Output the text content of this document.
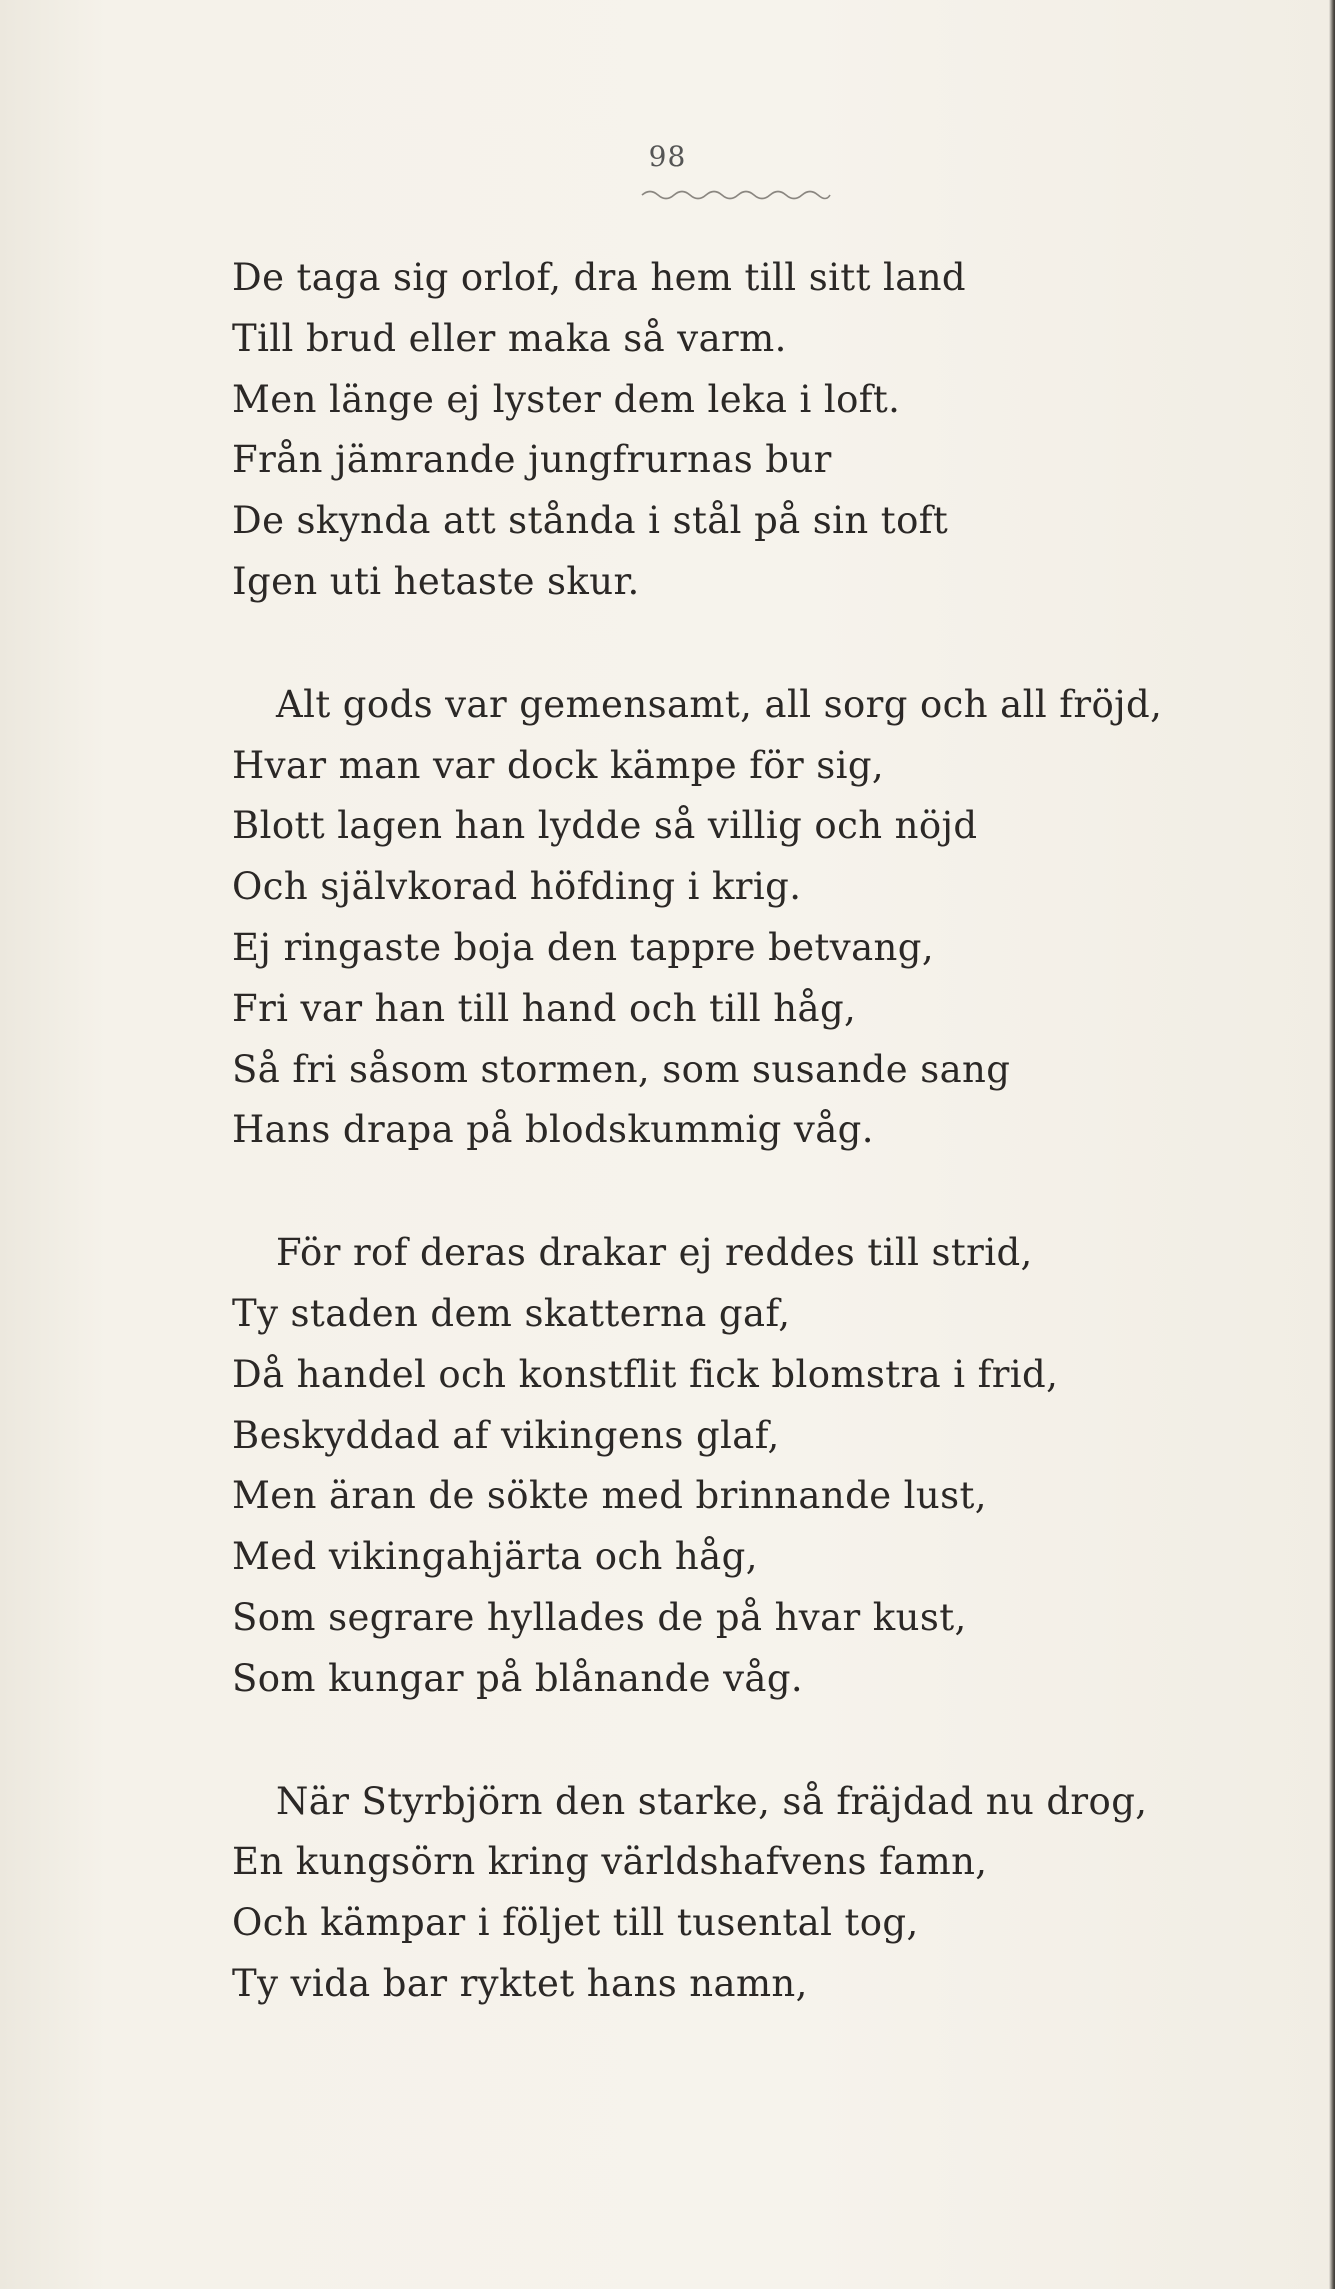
98
De taga sig orlof, dra hem till sitt land
Till brud eller maka så varm.
Men länge ej lyster dem leka i loft.
Från jämrande jungfrurnas bur
De skynda att stånda i stål på sin toft
Igen uti hetaste skur.
Alt gods var gemensamt, all sorg och all fröjd,
Hvar man var dock kämpe för sig,
Blott lagen han lydde så villig och nöjd
Och självkorad höfding i krig.
Ej ringaste boja den tappre betvang,
Fri var han till hand och till håg,
Så fri såsom stormen, som susande sang
Hans drapa på blodskummig våg.
För rof deras drakar ej reddes till strid,
Ty staden dem skatterna gaf,
Då handel och konstflit fick blomstra i frid,
Beskyddad af vikingens glaf,
Men äran de sökte med brinnande lust,
Med vikingahjärta och håg,
Som segrare hyllades de på hvar kust,
Som kungar på blånande våg.
När Styrbjörn den starke, så fräjdad nu drog,
En kungsörn kring världshafvens famn,
Och kämpar i följet till tusental tog,
Ty vida bar ryktet hans namn,
